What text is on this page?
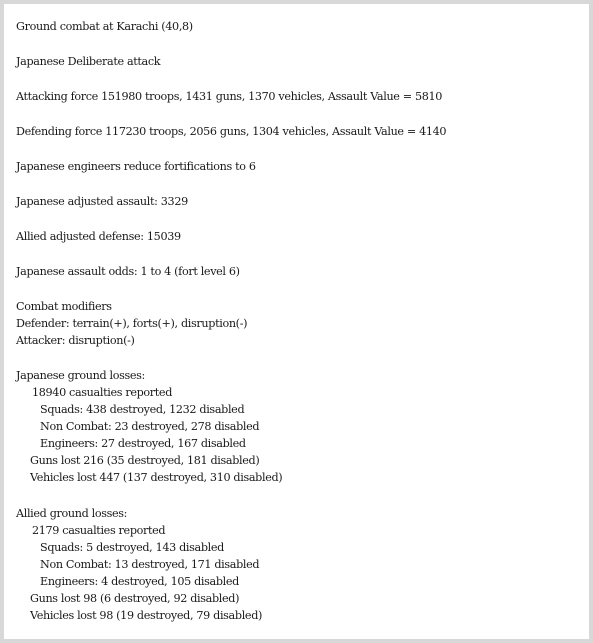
Ground combat at Karachi (40,8)
Japanese Deliberate attack
Attacking force 151980 troops, 1431 guns, 1370 vehicles, Assault Value = 5810
Defending force 117230 troops, 2056 guns, 1304 vehicles, Assault Value = 4140
Japanese engineers reduce fortifications to 6
Japanese adjusted assault: 3329
Allied adjusted defense: 15039
Japanese assault odds: 1 to 4 (fort level 6)
Combat modifiers
Defender: terrain(+), forts(+), disruption(-)
Attacker: disruption(-)
Japanese ground losses:
18940 casualties reported
Squads: 438 destroyed, 1232 disabled
Non Combat: 23 destroyed, 278 disabled
Engineers: 27 destroyed, 167 disabled
Guns lost 216 (35 destroyed, 181 disabled)
Vehicles lost 447 (137 destroyed, 310 disabled)
Allied ground losses:
2179 casualties reported
Squads: 5 destroyed, 143 disabled
Non Combat: 13 destroyed, 171 disabled
Engineers: 4 destroyed, 105 disabled
Guns lost 98 (6 destroyed, 92 disabled)
Vehicles lost 98 (19 destroyed, 79 disabled)
